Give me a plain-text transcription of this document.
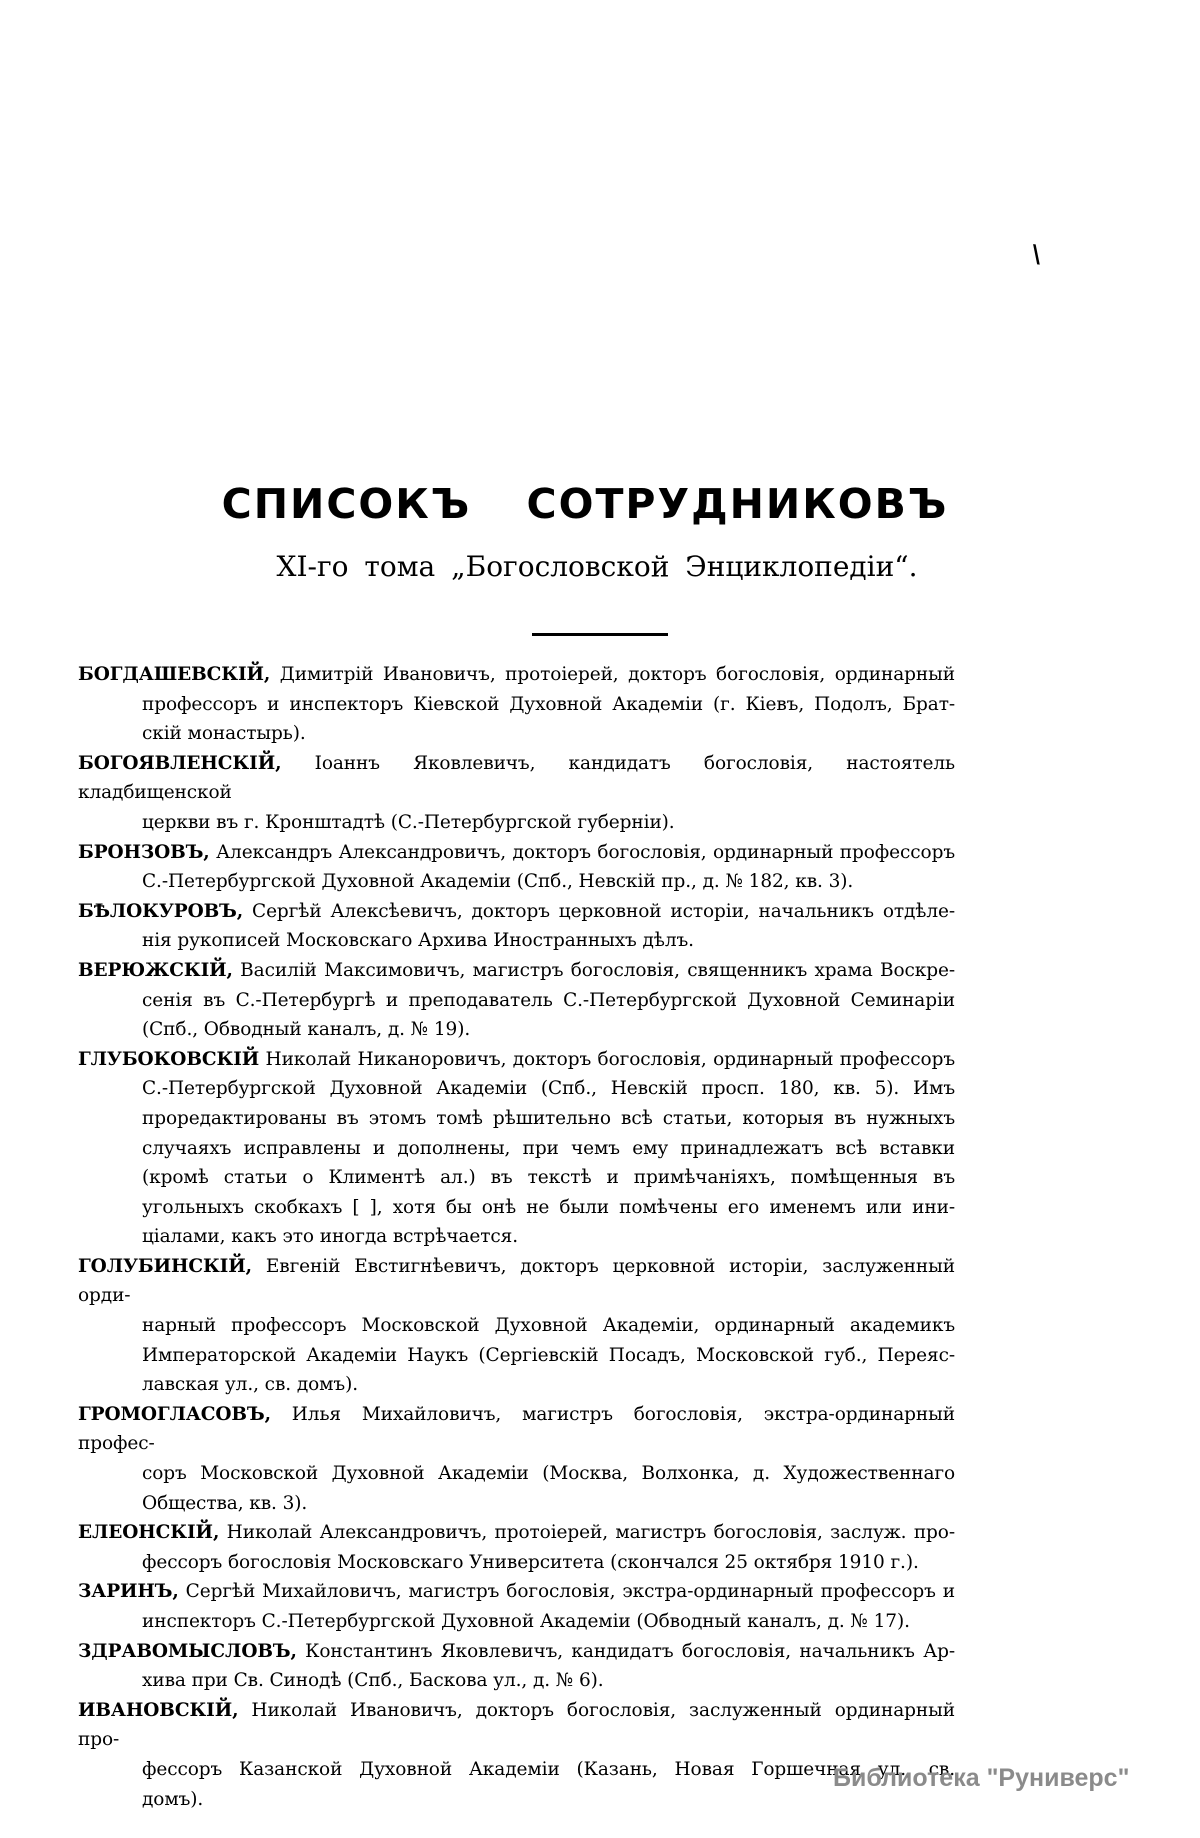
\
СПИСОКЪ СОТРУДНИКОВЪ
XI-го тома „Богословской Энциклопедіи“.
БОГДАШЕВСКІЙ, Димитрій Ивановичъ, протоіерей, докторъ богословія, ординарный
профессоръ и инспекторъ Кіевской Духовной Академіи (г. Кіевъ, Подолъ, Брат-
скій монастырь).
БОГОЯВЛЕНСКІЙ, Іоаннъ Яковлевичъ, кандидатъ богословія, настоятель кладбищенской
церкви въ г. Кронштадтѣ (С.-Петербургской губерніи).
БРОНЗОВЪ, Александръ Александровичъ, докторъ богословія, ординарный профессоръ
С.-Петербургской Духовной Академіи (Спб., Невскій пр., д. № 182, кв. 3).
БѢЛОКУРОВЪ, Сергѣй Алексѣевичъ, докторъ церковной исторіи, начальникъ отдѣле-
нія рукописей Московскаго Архива Иностранныхъ дѣлъ.
ВЕРЮЖСКІЙ, Василій Максимовичъ, магистръ богословія, священникъ храма Воскре-
сенія въ С.-Петербургѣ и преподаватель С.-Петербургской Духовной Семинаріи
(Спб., Обводный каналъ, д. № 19).
ГЛУБОКОВСКІЙ Николай Никаноровичъ, докторъ богословія, ординарный профессоръ
С.-Петербургской Духовной Академіи (Спб., Невскій просп. 180, кв. 5). Имъ
проредактированы въ этомъ томѣ рѣшительно всѣ статьи, которыя въ нужныхъ
случаяхъ исправлены и дополнены, при чемъ ему принадлежатъ всѣ вставки
(кромѣ статьи о Климентѣ ал.) въ текстѣ и примѣчаніяхъ, помѣщенныя въ
угольныхъ скобкахъ [ ], хотя бы онѣ не были помѣчены его именемъ или ини-
ціалами, какъ это иногда встрѣчается.
ГОЛУБИНСКІЙ, Евгеній Евстигнѣевичъ, докторъ церковной исторіи, заслуженный орди-
нарный профессоръ Московской Духовной Академіи, ординарный академикъ
Императорской Академіи Наукъ (Сергіевскій Посадъ, Московской губ., Переяс-
лавская ул., св. домъ).
ГРОМОГЛАСОВЪ, Илья Михайловичъ, магистръ богословія, экстра-ординарный профес-
соръ Московской Духовной Академіи (Москва, Волхонка, д. Художественнаго
Общества, кв. 3).
ЕЛЕОНСКІЙ, Николай Александровичъ, протоіерей, магистръ богословія, заслуж. про-
фессоръ богословія Московскаго Университета (скончался 25 октября 1910 г.).
ЗАРИНЪ, Сергѣй Михайловичъ, магистръ богословія, экстра-ординарный профессоръ и
инспекторъ С.-Петербургской Духовной Академіи (Обводный каналъ, д. № 17).
ЗДРАВОМЫСЛОВЪ, Константинъ Яковлевичъ, кандидатъ богословія, начальникъ Ар-
хива при Св. Синодѣ (Спб., Баскова ул., д. № 6).
ИВАНОВСКІЙ, Николай Ивановичъ, докторъ богословія, заслуженный ординарный про-
фессоръ Казанской Духовной Академіи (Казань, Новая Горшечная ул., св.
домъ).
Библиотека "Руниверс"
